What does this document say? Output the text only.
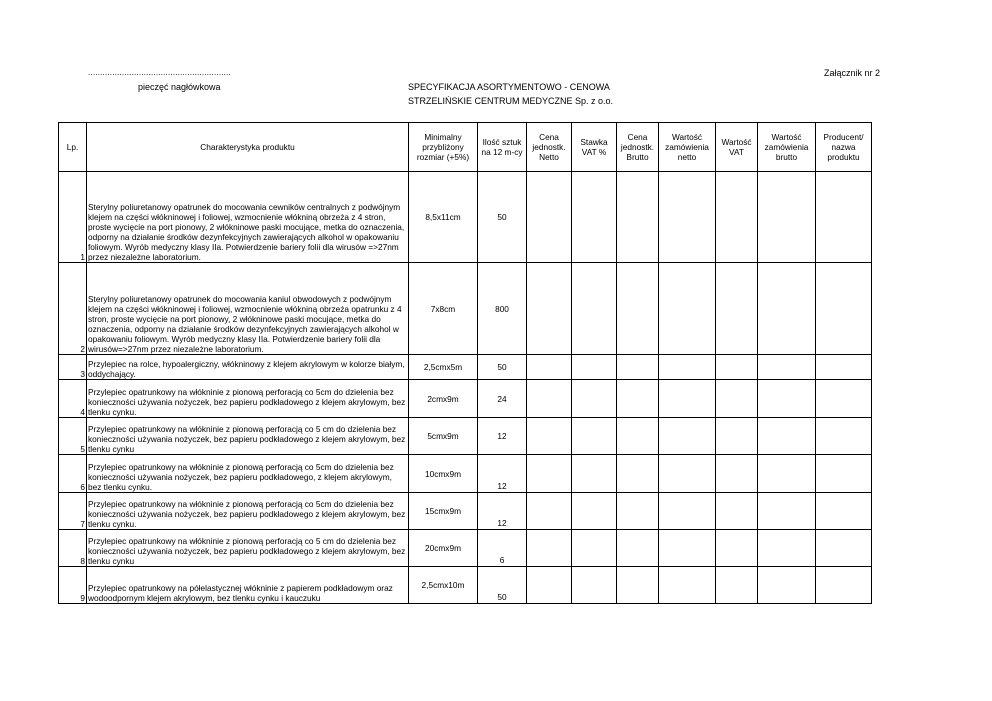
...........................................................
pieczęć nagłówkowa
Załącznik nr 2
SPECYFIKACJA ASORTYMENTOWO - CENOWA
STRZELIŃSKIE CENTRUM MEDYCZNE Sp. z o.o.
Lp.	Charakterystyka produktu	Minimalny przybliżony rozmiar (+5%)	Ilość sztuk na 12 m-cy	Cena jednostk. Netto	Stawka VAT %	Cena jednostk. Brutto	Wartość zamówienia netto	Wartość VAT	Wartość zamówienia brutto	Producent/ nazwa produktu
1	Sterylny poliuretanowy opatrunek do mocowania cewników centralnych z podwójnym klejem na części włókninowej i foliowej, wzmocnienie włókniną obrzeża z 4 stron, proste wycięcie na port pionowy, 2 włókninowe paski mocujące, metka do oznaczenia, odporny na działanie środków dezynfekcyjnych zawierających alkohol w opakowaniu foliowym. Wyrób medyczny klasy IIa. Potwierdzenie bariery folii dla wirusów =>27nm przez niezależne laboratorium.	8,5x11cm	50							
2	Sterylny poliuretanowy opatrunek do mocowania kaniul obwodowych z podwójnym klejem na części włókninowej i foliowej, wzmocnienie włókniną obrzeża opatrunku z 4 stron, proste wycięcie na port pionowy, 2 włókninowe paski mocujące, metka do oznaczenia, odporny na działanie środków dezynfekcyjnych zawierających alkohol w opakowaniu foliowym. Wyrób medyczny klasy IIa. Potwierdzenie bariery folii dla wirusów=>27nm przez niezależne laboratorium.	7x8cm	800							
3	Przylepiec na rolce, hypoalergiczny, włókninowy z klejem akrylowym w kolorze białym, oddychający.	2,5cmx5m	50							
4	Przylepiec opatrunkowy na włókninie z pionową perforacją co 5cm do dzielenia bez konieczności używania nożyczek, bez papieru podkładowego z klejem akrylowym, bez tlenku cynku.	2cmx9m	24							
5	Przylepiec opatrunkowy na włókninie z pionową perforacją co 5 cm do dzielenia bez konieczności używania nożyczek, bez papieru podkładowego z klejem akrylowym, bez tlenku cynku	5cmx9m	12							
6	Przylepiec opatrunkowy na włókninie z pionową perforacją co 5cm do dzielenia bez konieczności używania nożyczek, bez papieru podkładowego, z klejem akrylowym, bez tlenku cynku.	10cmx9m	12							
7	Przylepiec opatrunkowy na włókninie z pionową perforacją co 5cm do dzielenia bez konieczności używania nożyczek, bez papieru podkładowego z klejem akrylowym, bez tlenku cynku.	15cmx9m	12							
8	Przylepiec opatrunkowy na włókninie z pionową perforacją co 5 cm do dzielenia bez konieczności używania nożyczek, bez papieru podkładowego z klejem akrylowym, bez tlenku cynku	20cmx9m	6							
9	Przylepiec opatrunkowy na półelastycznej włókninie z papierem podkładowym oraz wodoodpornym klejem akrylowym, bez tlenku cynku i kauczuku	2,5cmx10m	50							
